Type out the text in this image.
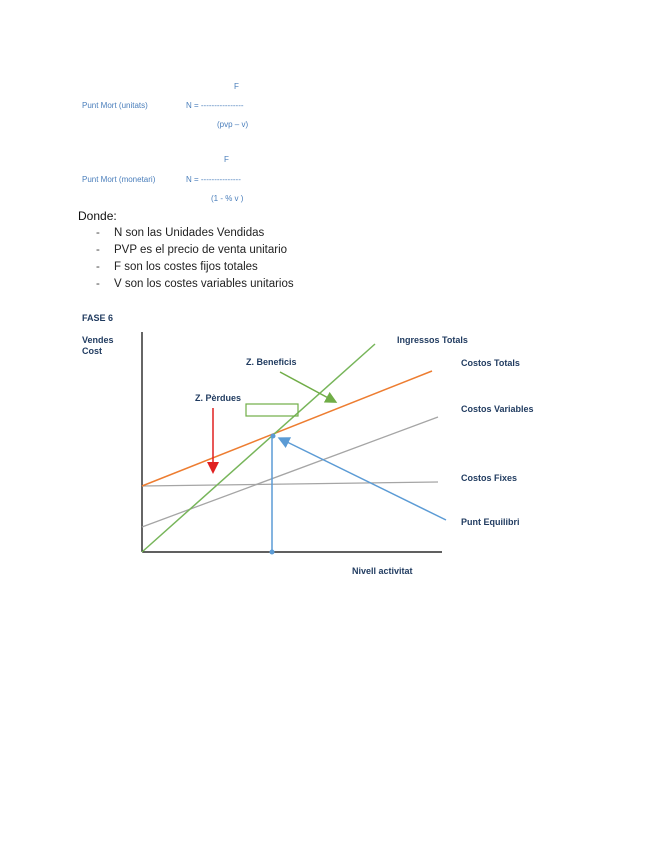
F
Punt Mort (unitats)	N = ----------------
(pvp – v)
F
Punt Mort (monetari)	N = ---------------
(1 - % v )
Donde:
- N son las Unidades Vendidas
- PVP es el precio de venta unitario
- F son los costes fijos totales
- V son los costes variables unitarios
FASE 6
Vendes
Cost
Nivell activitat
Ingressos Totals
Costos Totals
Costos Variables
Costos Fixes
Punt Equilibri
Z. Beneficis
Z. Pèrdues
